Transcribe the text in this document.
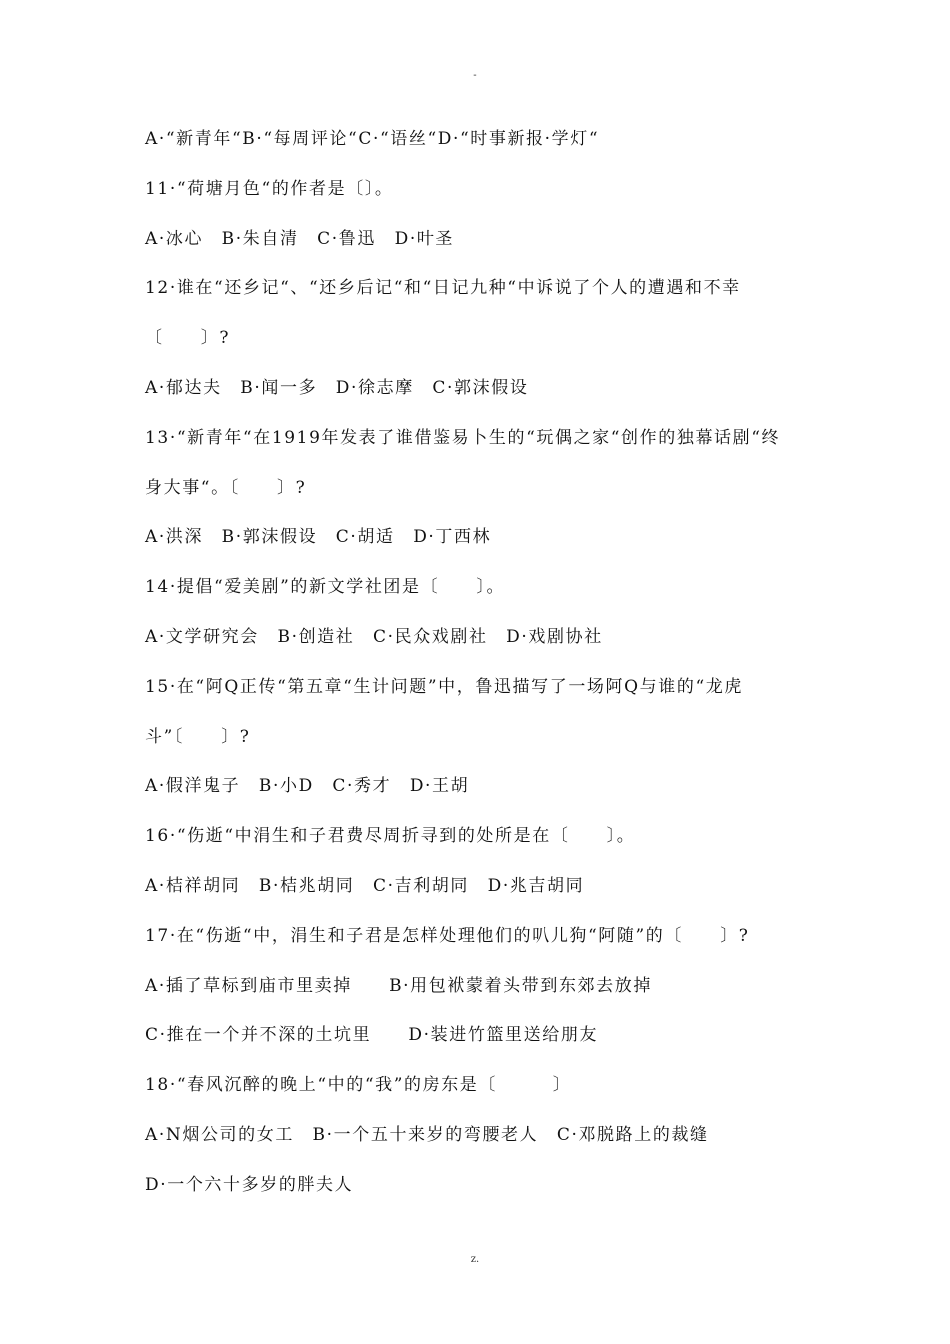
-
A·“新青年“B·“每周评论“C·“语丝“D·“时事新报·学灯“
11·“荷塘月色“的作者是〔〕。
A·冰心　B·朱自清　C·鲁迅　D·叶圣
12·谁在“还乡记“、“还乡后记“和“日记九种“中诉说了个人的遭遇和不幸
〔　　〕?
A·郁达夫　B·闻一多　D·徐志摩　C·郭沫假设
13·“新青年“在1919年发表了谁借鉴易卜生的“玩偶之家“创作的独幕话剧“终
身大事“。〔　　〕?
A·洪深　B·郭沫假设　C·胡适　D·丁西林
14·提倡“爱美剧”的新文学社团是〔　　〕。
A·文学研究会　B·创造社　C·民众戏剧社　D·戏剧协社
15·在“阿Q正传“第五章“生计问题”中，鲁迅描写了一场阿Q与谁的“龙虎
斗”〔　　〕?
A·假洋鬼子　B·小D　C·秀才　D·王胡
16·“伤逝“中涓生和子君费尽周折寻到的处所是在〔　　〕。
A·桔祥胡同　B·桔兆胡同　C·吉利胡同　D·兆吉胡同
17·在“伤逝“中，涓生和子君是怎样处理他们的叭儿狗“阿随”的〔　　〕?
A·插了草标到庙市里卖掉　　B·用包袱蒙着头带到东郊去放掉
C·推在一个并不深的土坑里　　D·装进竹篮里送给朋友
18·“春风沉醉的晚上“中的“我”的房东是〔　　　〕
A·N烟公司的女工　B·一个五十来岁的弯腰老人　C·邓脱路上的裁缝
D·一个六十多岁的胖夫人
z.
